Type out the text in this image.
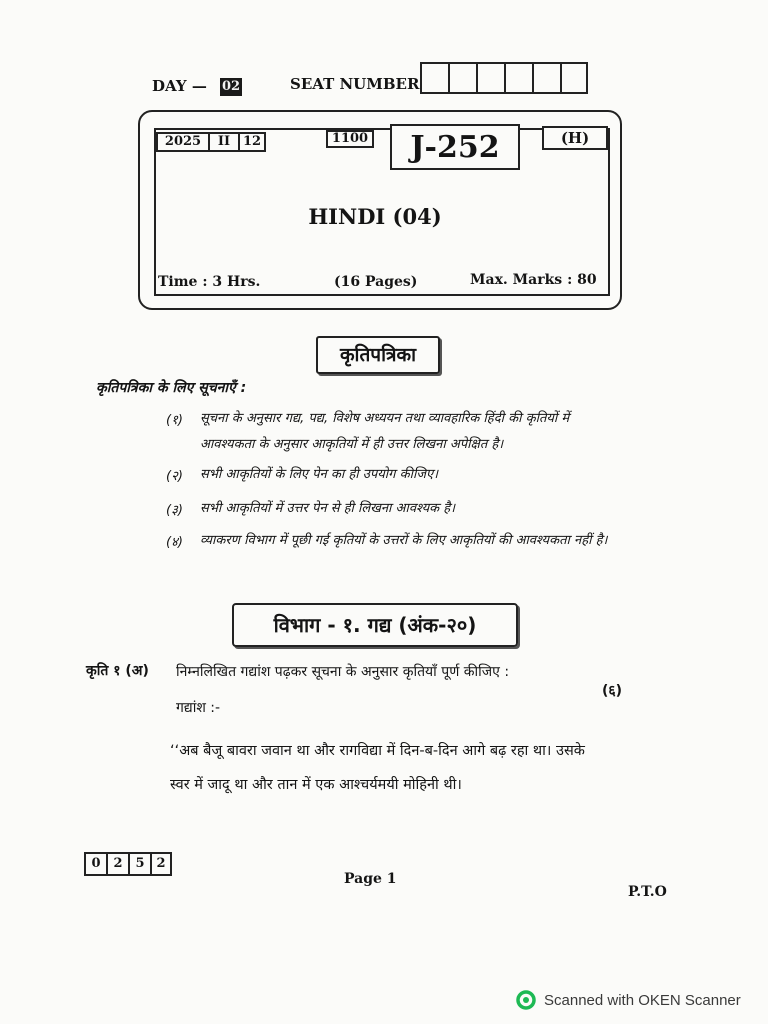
DAY — 02	SEAT NUMBER
2025	II 12	1100	J-252	(H)
HINDI (04)
Time : 3 Hrs.	(16 Pages)	Max. Marks : 80
कृतिपत्रिका
कृतिपत्रिका के लिए सूचनाएँ :
(१) सूचना के अनुसार गद्य, पद्य, विशेष अध्ययन तथा व्यावहारिक हिंदी की कृतियों में आवश्यकता के अनुसार आकृतियों में ही उत्तर लिखना अपेक्षित है।
(२) सभी आकृतियों के लिए पेन का ही उपयोग कीजिए।
(३) सभी आकृतियों में उत्तर पेन से ही लिखना आवश्यक है।
(४) व्याकरण विभाग में पूछी गई कृतियों के उत्तरों के लिए आकृतियों की आवश्यकता नहीं है।
विभाग - १. गद्य (अंक-२०)
कृति १ (अ) निम्नलिखित गद्यांश पढ़कर सूचना के अनुसार कृतियाँ पूर्ण कीजिए :
(६)
गद्यांश :-
‘‘अब बैजू बावरा जवान था और रागविद्या में दिन-ब-दिन आगे बढ़ रहा था। उसके स्वर में जादू था और तान में एक आश्चर्यमयी मोहिनी थी।
0 2 5 2
Page 1
P.T.O
Scanned with OKEN Scanner
